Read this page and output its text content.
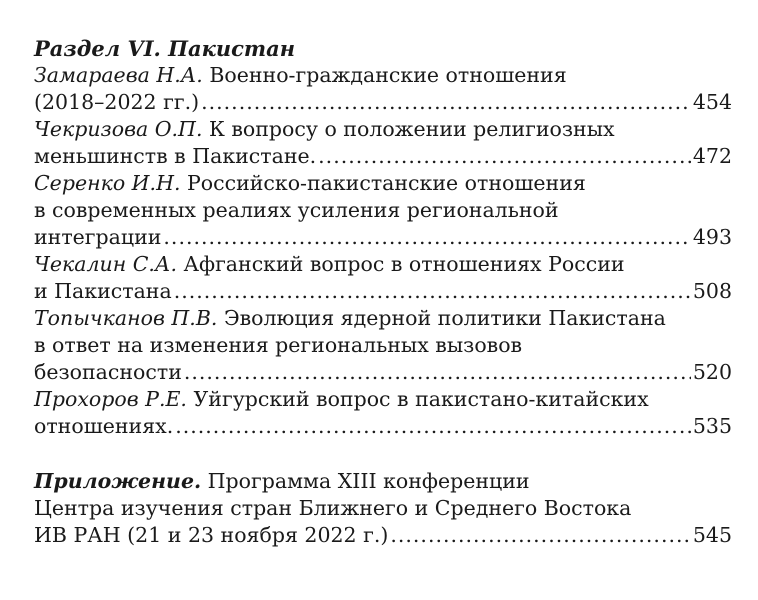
Раздел VI. Пакистан
Замараева Н.А. Военно-гражданские отношения
(2018–2022 гг.) .....	454
Чекризова О.П. К вопросу о положении религиозных
меньшинств в Пакистане. .....	472
Серенко И.Н. Российско-пакистанские отношения
в современных реалиях усиления региональной
интеграции .....	493
Чекалин С.А. Афганский вопрос в отношениях России
и Пакистана .....	508
Топычканов П.В. Эволюция ядерной политики Пакистана
в ответ на изменения региональных вызовов
безопасности .....	520
Прохоров Р.Е. Уйгурский вопрос в пакистано-китайских
отношениях. .....	535
Приложение. Программа XIII конференции
Центра изучения стран Ближнего и Среднего Востока
ИВ РАН (21 и 23 ноября 2022 г.) .....	545
